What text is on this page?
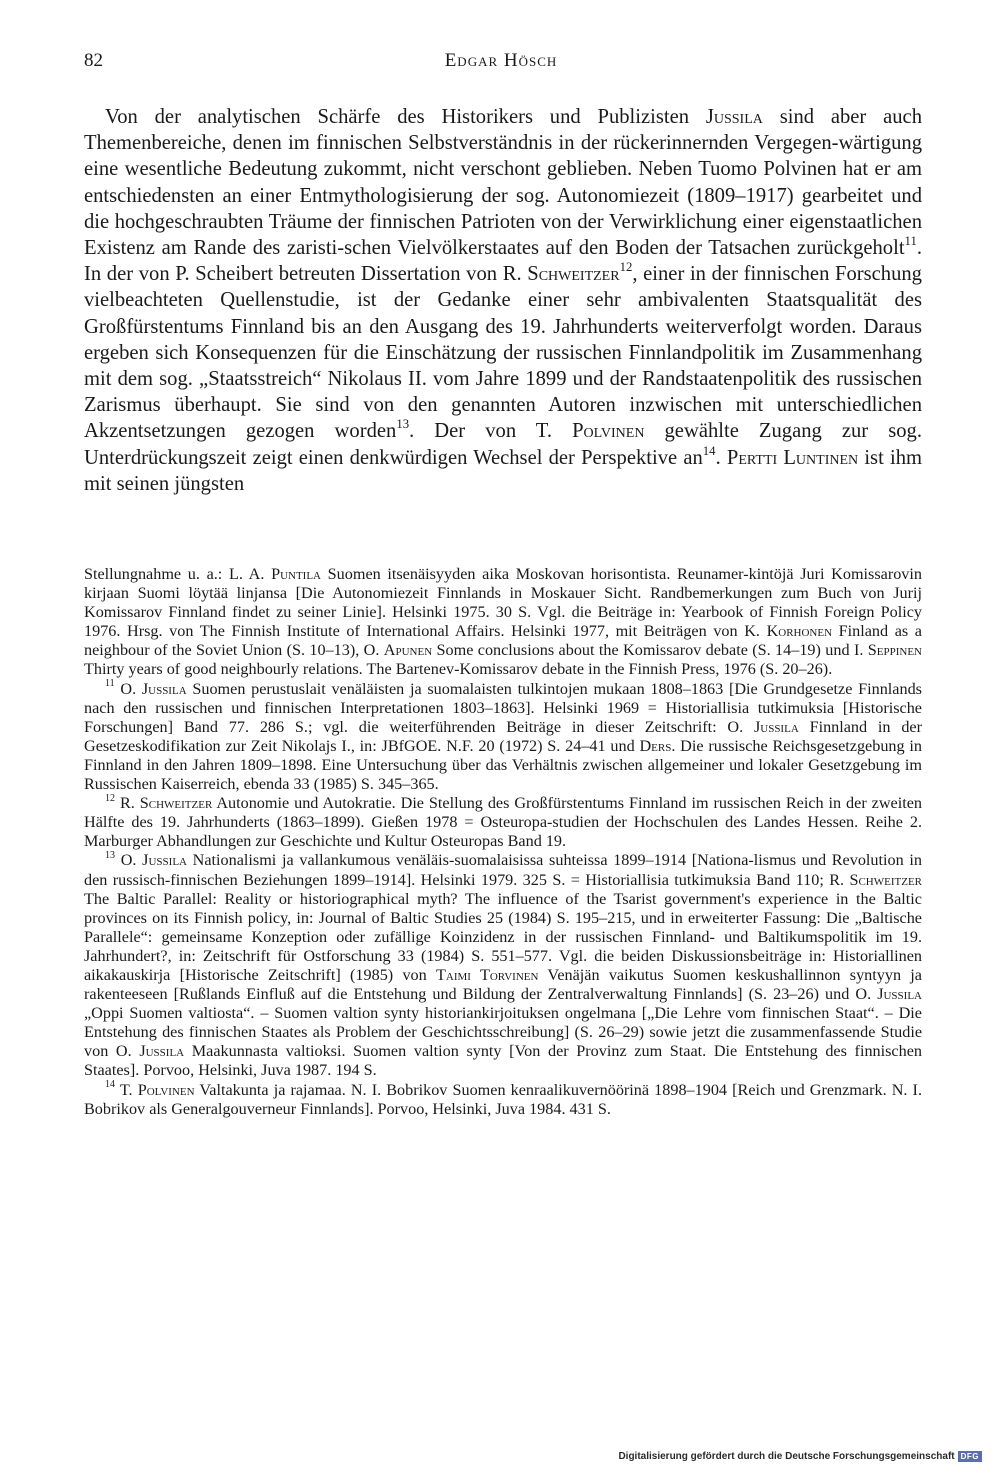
82	Edgar Hösch

Von der analytischen Schärfe des Historikers und Publizisten Jussila sind aber auch Themenbereiche, denen im finnischen Selbstverständnis in der rückerinnernden Vergegen-wärtigung eine wesentliche Bedeutung zukommt, nicht verschont geblieben. Neben Tuomo Polvinen hat er am entschiedensten an einer Entmythologisierung der sog. Autonomiezeit (1809–1917) gearbeitet und die hochgeschraubten Träume der finnischen Patrioten von der Verwirklichung einer eigenstaatlichen Existenz am Rande des zaristi-schen Vielvölkerstaates auf den Boden der Tatsachen zurückgeholt$^{11}$. In der von P. Scheibert betreuten Dissertation von R. Schweitzer$^{12}$, einer in der finnischen Forschung vielbeachteten Quellenstudie, ist der Gedanke einer sehr ambivalenten Staatsqualität des Großfürstentums Finnland bis an den Ausgang des 19. Jahrhunderts weiterverfolgt worden. Daraus ergeben sich Konsequenzen für die Einschätzung der russischen Finnlandpolitik im Zusammenhang mit dem sog. „Staatsstreich“ Nikolaus II. vom Jahre 1899 und der Randstaatenpolitik des russischen Zarismus überhaupt. Sie sind von den genannten Autoren inzwischen mit unterschiedlichen Akzentsetzungen gezogen worden$^{13}$. Der von T. Polvinen gewählte Zugang zur sog. Unterdrückungszeit zeigt einen denkwürdigen Wechsel der Perspektive $an^{14}$. Pertti Luntinen ist ihm mit seinen jüngsten

Stellungnahme u. a.: L. A. Puntila Suomen itsenäisyyden aika Moskovan horisontista. Reunamer-kintöjä Juri Komissarovin kirjaan Suomi löytää linjansa [Die Autonomiezeit Finnlands in Moskauer Sicht. Randbemerkungen zum Buch von Jurij Komissarov Finnland findet zu seiner Linie]. Helsinki 1975. 30 S. Vgl. die Beiträge in: Yearbook of Finnish Foreign Policy 1976. Hrsg. von The Finnish Institute of International Affairs. Helsinki 1977, mit Beiträgen von K. Korhonen Finland as a neighbour of the Soviet Union (S. 10–13), O. Apunen Some conclusions about the Komissarov debate (S. 14–19) und I. Seppinen Thirty years of good neighbourly relations. The Bartenev-Komissarov debate in the Finnish Press, 1976 (S. 20–26).

$^{11}$ O. Jussila Suomen perustuslait venäläisten ja suomalaisten tulkintojen mukaan 1808–1863 [Die Grundgesetze Finnlands nach den russischen und finnischen Interpretationen 1803–1863]. Helsinki 1969 = Historiallisia tutkimuksia [Historische Forschungen] Band 77. 286 S.; vgl. die weiterführenden Beiträge in dieser Zeitschrift: O. Jussila Finnland in der Gesetzeskodifikation zur Zeit Nikolajs I., in: JBfGOE. N.F. 20 (1972) S. 24–41 und Ders. Die russische Reichsgesetzgebung in Finnland in den Jahren 1809–1898. Eine Untersuchung über das Verhältnis zwischen allgemeiner und lokaler Gesetzgebung im Russischen Kaiserreich, ebenda 33 (1985) S. 345–365.

$^{12}$ R. Schweitzer Autonomie und Autokratie. Die Stellung des Großfürstentums Finnland im russischen Reich in der zweiten Hälfte des 19. Jahrhunderts (1863–1899). Gießen 1978 = Osteuropa-studien der Hochschulen des Landes Hessen. Reihe 2. Marburger Abhandlungen zur Geschichte und Kultur Osteuropas Band 19.

$^{13}$ O. Jussila Nationalismi ja vallankumous venäläis-suomalaisissa suhteissa 1899–1914 [Nationa-lismus und Revolution in den russisch-finnischen Beziehungen 1899–1914]. Helsinki 1979. 325 S. = Historiallisia tutkimuksia Band 110; R. Schweitzer The Baltic Parallel: Reality or historiographical myth? The influence of the Tsarist government's experience in the Baltic provinces on its Finnish policy, in: Journal of Baltic Studies 25 (1984) S. 195–215, und in erweiterter Fassung: Die „Baltische Parallele“: gemeinsame Konzeption oder zufällige Koinzidenz in der russischen Finnland- und Baltikumspolitik im 19. Jahrhundert?, in: Zeitschrift für Ostforschung 33 (1984) S. 551–577. Vgl. die beiden Diskussionsbeiträge in: Historiallinen aikakauskirja [Historische Zeitschrift] (1985) von Taimi Torvinen Venäjän vaikutus Suomen keskushallinnon syntyyn ja rakenteeseen [Rußlands Einfluß auf die Entstehung und Bildung der Zentralverwaltung Finnlands] (S. 23–26) und O. Jussila „Oppi Suomen valtiosta“. – Suomen valtion synty historiankirjoituksen ongelmana [„Die Lehre vom finnischen Staat“. – Die Entstehung des finnischen Staates als Problem der Geschichtsschreibung] (S. 26–29) sowie jetzt die zusammenfassende Studie von O. Jussila Maakunnasta valtioksi. Suomen valtion synty [Von der Provinz zum Staat. Die Entstehung des finnischen Staates]. Porvoo, Helsinki, Juva 1987. 194 S.

$^{14}$ T. Polvinen Valtakunta ja rajamaa. N. I. Bobrikov Suomen kenraalikuvernöörinä 1898–1904 [Reich und Grenzmark. N. I. Bobrikov als Generalgouverneur Finnlands]. Porvoo, Helsinki, Juva 1984. 431 S.

Digitalisierung gefördert durch die Deutsche Forschungsgemeinschaft DFG
